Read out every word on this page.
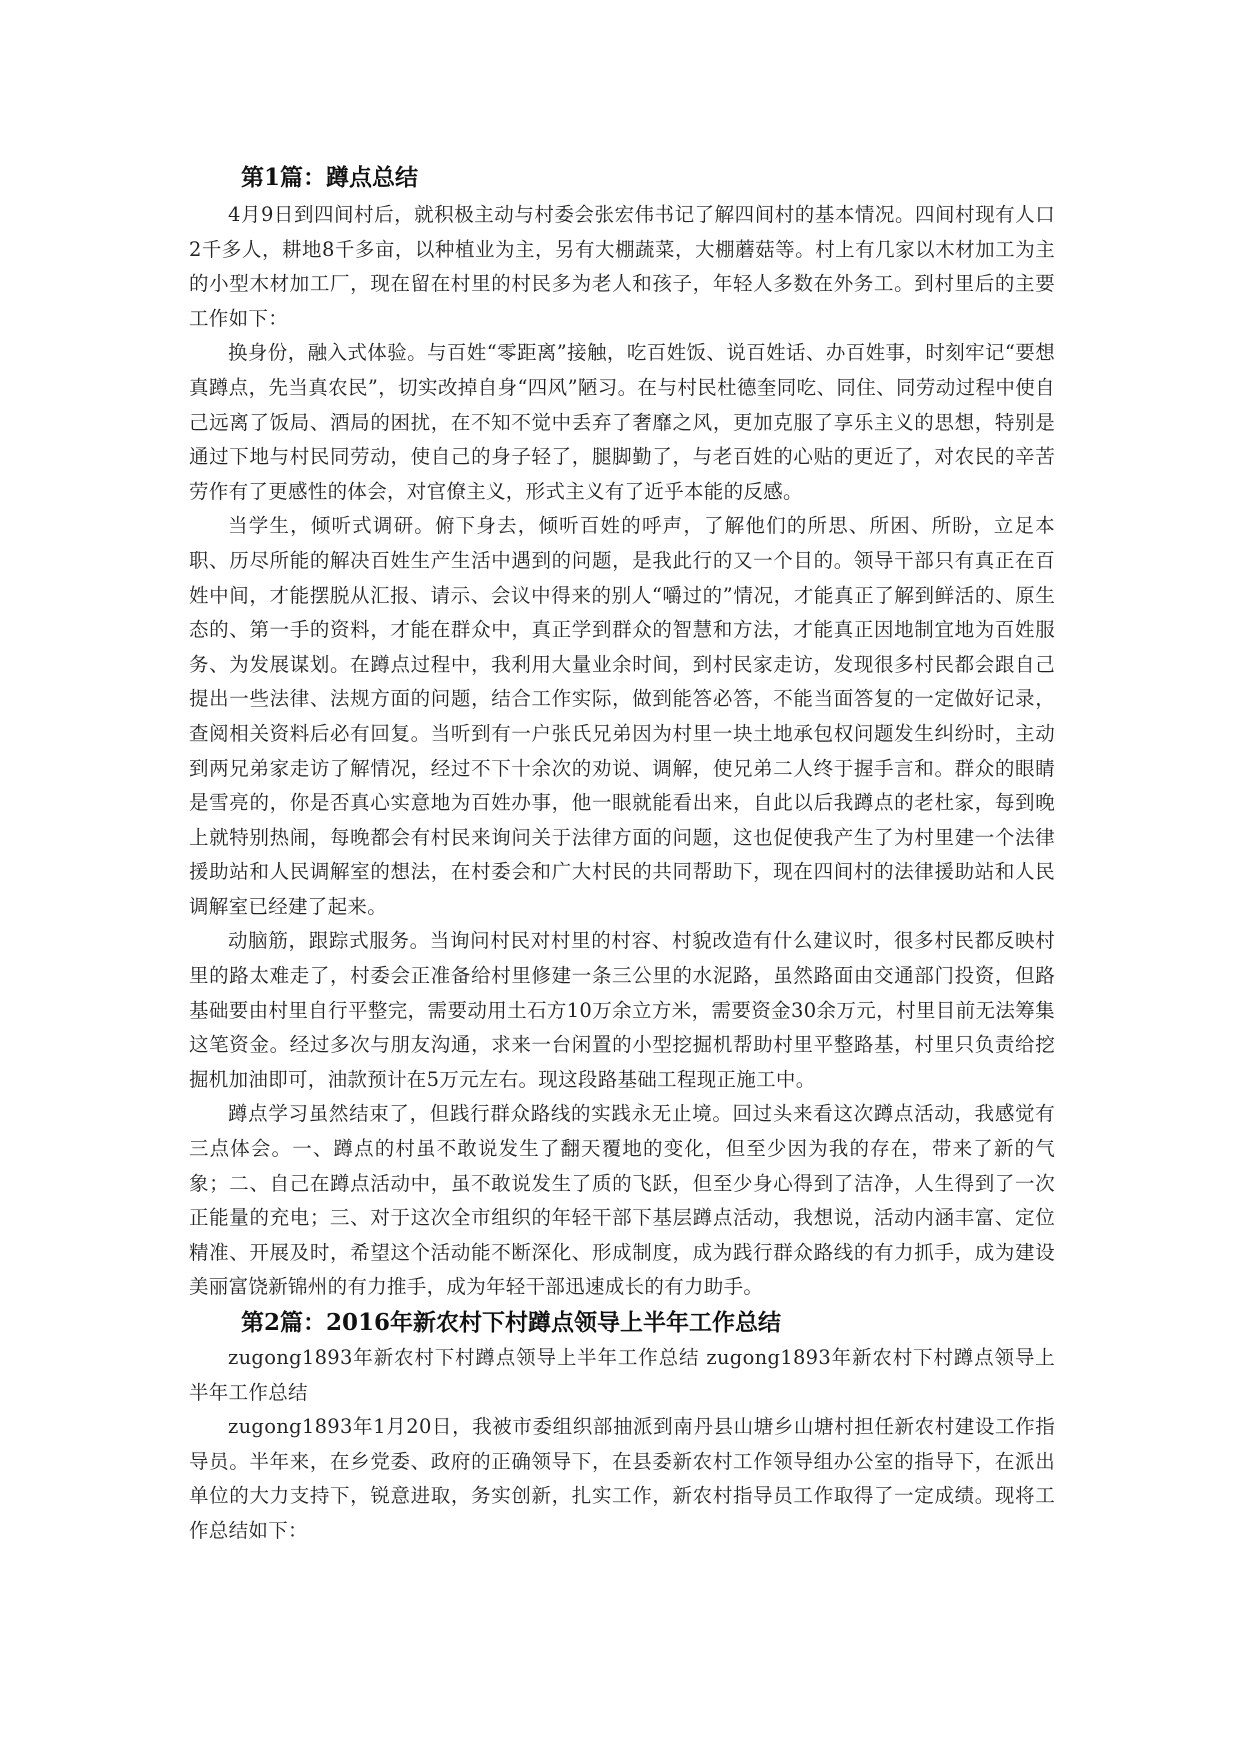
第1篇：蹲点总结

4月9日到四间村后，就积极主动与村委会张宏伟书记了解四间村的基本情况。四间村现有人口2千多人，耕地8千多亩，以种植业为主，另有大棚蔬菜，大棚蘑菇等。村上有几家以木材加工为主的小型木材加工厂，现在留在村里的村民多为老人和孩子，年轻人多数在外务工。到村里后的主要工作如下：

换身份，融入式体验。与百姓“零距离”接触，吃百姓饭、说百姓话、办百姓事，时刻牢记“要想真蹲点，先当真农民”，切实改掉自身“四风”陋习。在与村民杜德奎同吃、同住、同劳动过程中使自己远离了饭局、酒局的困扰，在不知不觉中丢弃了奢靡之风，更加克服了享乐主义的思想，特别是通过下地与村民同劳动，使自己的身子轻了，腿脚勤了，与老百姓的心贴的更近了，对农民的辛苦劳作有了更感性的体会，对官僚主义，形式主义有了近乎本能的反感。

当学生，倾听式调研。俯下身去，倾听百姓的呼声，了解他们的所思、所困、所盼，立足本职、历尽所能的解决百姓生产生活中遇到的问题，是我此行的又一个目的。领导干部只有真正在百姓中间，才能摆脱从汇报、请示、会议中得来的别人“嚼过的”情况，才能真正了解到鲜活的、原生态的、第一手的资料，才能在群众中，真正学到群众的智慧和方法，才能真正因地制宜地为百姓服务、为发展谋划。在蹲点过程中，我利用大量业余时间，到村民家走访，发现很多村民都会跟自己提出一些法律、法规方面的问题，结合工作实际，做到能答必答，不能当面答复的一定做好记录，查阅相关资料后必有回复。当听到有一户张氏兄弟因为村里一块土地承包权问题发生纠纷时，主动到两兄弟家走访了解情况，经过不下十余次的劝说、调解，使兄弟二人终于握手言和。群众的眼睛是雪亮的，你是否真心实意地为百姓办事，他一眼就能看出来，自此以后我蹲点的老杜家，每到晚上就特别热闹，每晚都会有村民来询问关于法律方面的问题，这也促使我产生了为村里建一个法律援助站和人民调解室的想法，在村委会和广大村民的共同帮助下，现在四间村的法律援助站和人民调解室已经建了起来。

动脑筋，跟踪式服务。当询问村民对村里的村容、村貌改造有什么建议时，很多村民都反映村里的路太难走了，村委会正准备给村里修建一条三公里的水泥路，虽然路面由交通部门投资，但路基础要由村里自行平整完，需要动用土石方10万余立方米，需要资金30余万元，村里目前无法筹集这笔资金。经过多次与朋友沟通，求来一台闲置的小型挖掘机帮助村里平整路基，村里只负责给挖掘机加油即可，油款预计在5万元左右。现这段路基础工程现正施工中。

蹲点学习虽然结束了，但践行群众路线的实践永无止境。回过头来看这次蹲点活动，我感觉有三点体会。一、蹲点的村虽不敢说发生了翻天覆地的变化，但至少因为我的存在，带来了新的气象；二、自己在蹲点活动中，虽不敢说发生了质的飞跃，但至少身心得到了洁净，人生得到了一次正能量的充电；三、对于这次全市组织的年轻干部下基层蹲点活动，我想说，活动内涵丰富、定位精准、开展及时，希望这个活动能不断深化、形成制度，成为践行群众路线的有力抓手，成为建设美丽富饶新锦州的有力推手，成为年轻干部迅速成长的有力助手。

第2篇：2016年新农村下村蹲点领导上半年工作总结

zugong1893年新农村下村蹲点领导上半年工作总结 zugong1893年新农村下村蹲点领导上半年工作总结

zugong1893年1月20日，我被市委组织部抽派到南丹县山塘乡山塘村担任新农村建设工作指导员。半年来，在乡党委、政府的正确领导下，在县委新农村工作领导组办公室的指导下，在派出单位的大力支持下，锐意进取，务实创新，扎实工作，新农村指导员工作取得了一定成绩。现将工作总结如下：
